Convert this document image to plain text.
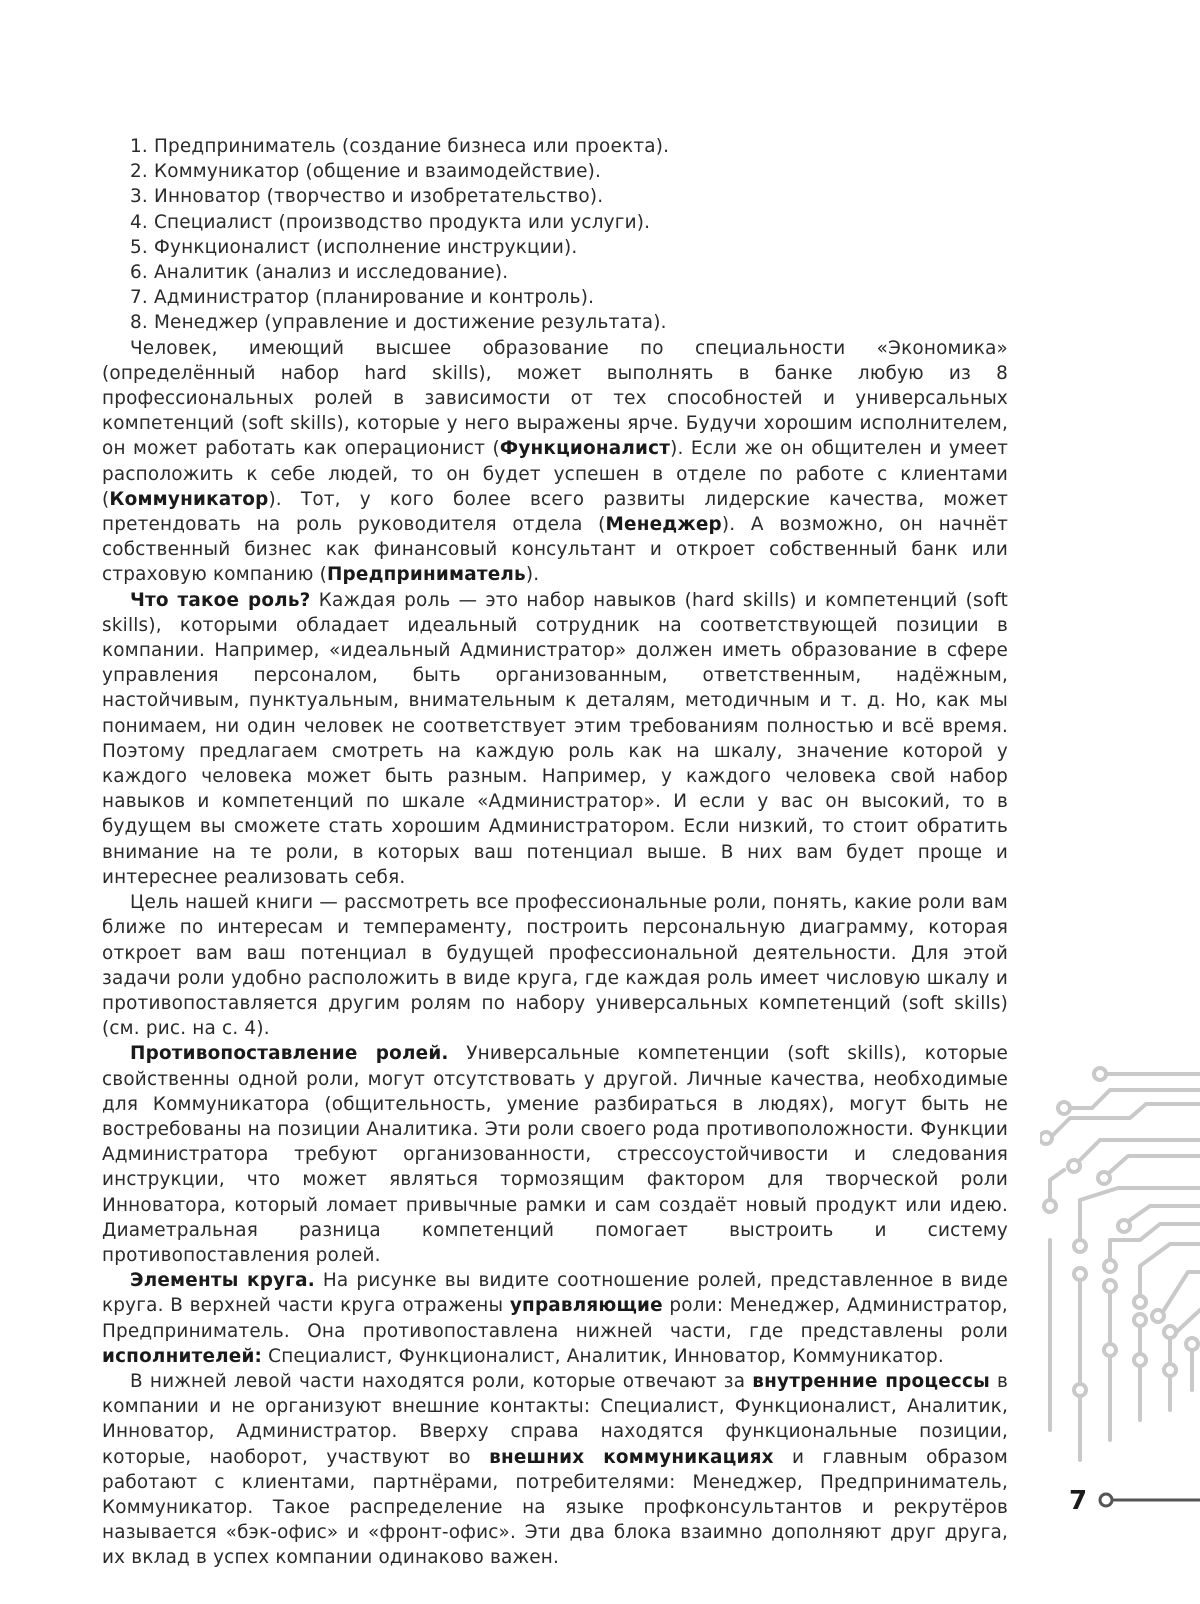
1. Предприниматель (создание бизнеса или проекта).
2. Коммуникатор (общение и взаимодействие).
3. Инноватор (творчество и изобретательство).
4. Специалист (производство продукта или услуги).
5. Функционалист (исполнение инструкции).
6. Аналитик (анализ и исследование).
7. Администратор (планирование и контроль).
8. Менеджер (управление и достижение результата).

Человек, имеющий высшее образование по специальности «Экономика» (определённый набор hard skills), может выполнять в банке любую из 8 профессиональных ролей в зависимости от тех способностей и универсальных компетенций (soft skills), которые у него выражены ярче. Будучи хорошим исполнителем, он может работать как операционист (Функционалист). Если же он общителен и умеет расположить к себе людей, то он будет успешен в отделе по работе с клиентами (Коммуникатор). Тот, у кого более всего развиты лидерские качества, может претендовать на роль руководителя отдела (Менеджер). А возможно, он начнёт собственный бизнес как финансовый консультант и откроет собственный банк или страховую компанию (Предприниматель).

Что такое роль? Каждая роль — это набор навыков (hard skills) и компетенций (soft skills), которыми обладает идеальный сотрудник на соответствующей позиции в компании. Например, «идеальный Администратор» должен иметь образование в сфере управления персоналом, быть организованным, ответственным, надёжным, настойчивым, пунктуальным, внимательным к деталям, методичным и т. д. Но, как мы понимаем, ни один человек не соответствует этим требованиям полностью и всё время. Поэтому предлагаем смотреть на каждую роль как на шкалу, значение которой у каждого человека может быть разным. Например, у каждого человека свой набор навыков и компетенций по шкале «Администратор». И если у вас он высокий, то в будущем вы сможете стать хорошим Администратором. Если низкий, то стоит обратить внимание на те роли, в которых ваш потенциал выше. В них вам будет проще и интереснее реализовать себя.

Цель нашей книги — рассмотреть все профессиональные роли, понять, какие роли вам ближе по интересам и темпераменту, построить персональную диаграмму, которая откроет вам ваш потенциал в будущей профессиональной деятельности. Для этой задачи роли удобно расположить в виде круга, где каждая роль имеет числовую шкалу и противопоставляется другим ролям по набору универсальных компетенций (soft skills) (см. рис. на с. 4).

Противопоставление ролей. Универсальные компетенции (soft skills), которые свойственны одной роли, могут отсутствовать у другой. Личные качества, необходимые для Коммуникатора (общительность, умение разбираться в людях), могут быть не востребованы на позиции Аналитика. Эти роли своего рода противоположности. Функции Администратора требуют организованности, стрессоустойчивости и следования инструкции, что может являться тормозящим фактором для творческой роли Инноватора, который ломает привычные рамки и сам создаёт новый продукт или идею. Диаметральная разница компетенций помогает выстроить и систему противопоставления ролей.

Элементы круга. На рисунке вы видите соотношение ролей, представленное в виде круга. В верхней части круга отражены управляющие роли: Менеджер, Администратор, Предприниматель. Она противопоставлена нижней части, где представлены роли исполнителей: Специалист, Функционалист, Аналитик, Инноватор, Коммуникатор.

В нижней левой части находятся роли, которые отвечают за внутренние процессы в компании и не организуют внешние контакты: Специалист, Функционалист, Аналитик, Инноватор, Администратор. Вверху справа находятся функциональные позиции, которые, наоборот, участвуют во внешних коммуникациях и главным образом работают с клиентами, партнёрами, потребителями: Менеджер, Предприниматель, Коммуникатор. Такое распределение на языке профконсультантов и рекрутёров называется «бэк-офис» и «фронт-офис». Эти два блока взаимно дополняют друг друга, их вклад в успех компании одинаково важен.

7
